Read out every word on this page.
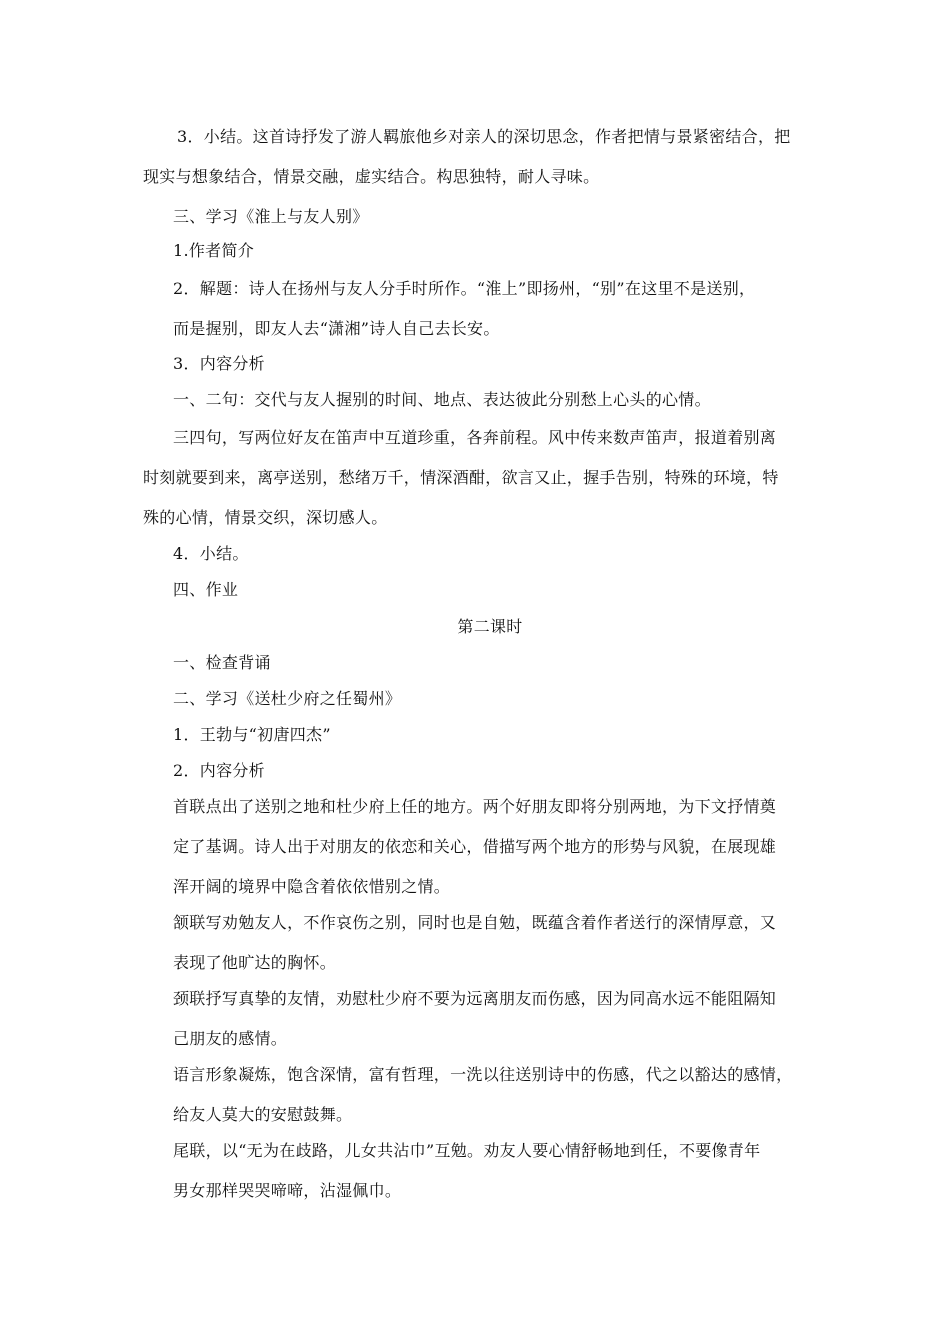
3．小结。这首诗抒发了游人羁旅他乡对亲人的深切思念，作者把情与景紧密结合，把
现实与想象结合，情景交融，虚实结合。构思独特，耐人寻味。
三、学习《淮上与友人别》
1.作者简介
2．解题：诗人在扬州与友人分手时所作。“淮上”即扬州，“别”在这里不是送别，
而是握别，即友人去“潇湘”诗人自己去长安。
3．内容分析
一、二句：交代与友人握别的时间、地点、表达彼此分别愁上心头的心情。
三四句，写两位好友在笛声中互道珍重，各奔前程。风中传来数声笛声，报道着别离
时刻就要到来，离亭送别，愁绪万千，情深酒酣，欲言又止，握手告别，特殊的环境，特
殊的心情，情景交织，深切感人。
4．小结。
四、作业
第二课时
一、检查背诵
二、学习《送杜少府之任蜀州》
1．王勃与“初唐四杰”
2．内容分析
首联点出了送别之地和杜少府上任的地方。两个好朋友即将分别两地，为下文抒情奠
定了基调。诗人出于对朋友的依恋和关心，借描写两个地方的形势与风貌，在展现雄
浑开阔的境界中隐含着依依惜别之情。
颔联写劝勉友人，不作哀伤之别，同时也是自勉，既蕴含着作者送行的深情厚意，又
表现了他旷达的胸怀。
颈联抒写真挚的友情，劝慰杜少府不要为远离朋友而伤感，因为同高水远不能阻隔知
己朋友的感情。
语言形象凝炼，饱含深情，富有哲理，一洗以往送别诗中的伤感，代之以豁达的感情，
给友人莫大的安慰鼓舞。
尾联，以“无为在歧路，儿女共沾巾”互勉。劝友人要心情舒畅地到任，不要像青年
男女那样哭哭啼啼，沾湿佩巾。
